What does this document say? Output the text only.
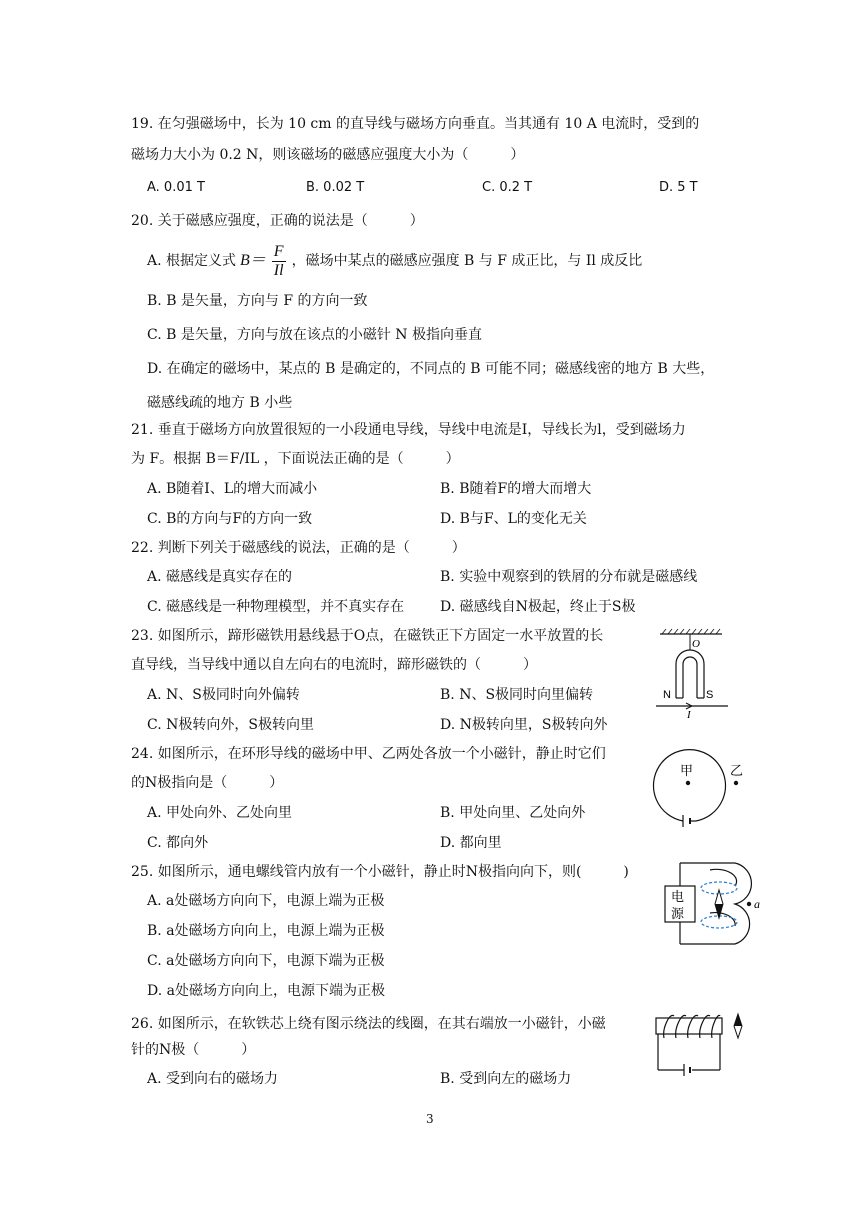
19. 在匀强磁场中，长为 10 cm 的直导线与磁场方向垂直。当其通有 10 A 电流时，受到的
磁场力大小为 0.2 N，则该磁场的磁感应强度大小为（　　　）
A. 0.01 T	B. 0.02 T	C. 0.2 T	D. 5 T
20. 关于磁感应强度，正确的说法是（　　　）
A. 根据定义式 $B= \frac{F}{Il}$ ，磁场中某点的磁感应强度 B 与 F 成正比，与 Il 成反比
B. B 是矢量，方向与 F 的方向一致
C. B 是矢量，方向与放在该点的小磁针 N 极指向垂直
D. 在确定的磁场中，某点的 B 是确定的，不同点的 B 可能不同；磁感线密的地方 B 大些，
磁感线疏的地方 B 小些
21. 垂直于磁场方向放置很短的一小段通电导线，导线中电流是I，导线长为l，受到磁场力
为 F。根据 B＝F/IL ，下面说法正确的是（　　　）
A. B随着I、L的增大而减小	B. B随着F的增大而增大
C. B的方向与F的方向一致	D. B与F、L的变化无关
22. 判断下列关于磁感线的说法，正确的是（　　　）
A. 磁感线是真实存在的	B. 实验中观察到的铁屑的分布就是磁感线
C. 磁感线是一种物理模型，并不真实存在	D. 磁感线自N极起，终止于S极
23. 如图所示，蹄形磁铁用悬线悬于O点，在磁铁正下方固定一水平放置的长
直导线，当导线中通以自左向右的电流时，蹄形磁铁的（　　　）
A. N、S极同时向外偏转	B. N、S极同时向里偏转
C. N极转向外，S极转向里	D. N极转向里，S极转向外
O
N	S
I
24. 如图所示，在环形导线的磁场中甲、乙两处各放一个小磁针，静止时它们
的N极指向是（　　　）
A. 甲处向外、乙处向里	B. 甲处向里、乙处向外
C. 都向外	D. 都向里
甲	乙
25. 如图所示，通电螺线管内放有一个小磁针，静止时N极指向向下，则(　　　)
A. a处磁场方向向下，电源上端为正极
B. a处磁场方向向上，电源上端为正极
C. a处磁场方向向下，电源下端为正极
D. a处磁场方向向上，电源下端为正极
电
源
a
26. 如图所示，在软铁芯上绕有图示绕法的线圈，在其右端放一小磁针，小磁
针的N极（　　　）
A. 受到向右的磁场力	B. 受到向左的磁场力
3
